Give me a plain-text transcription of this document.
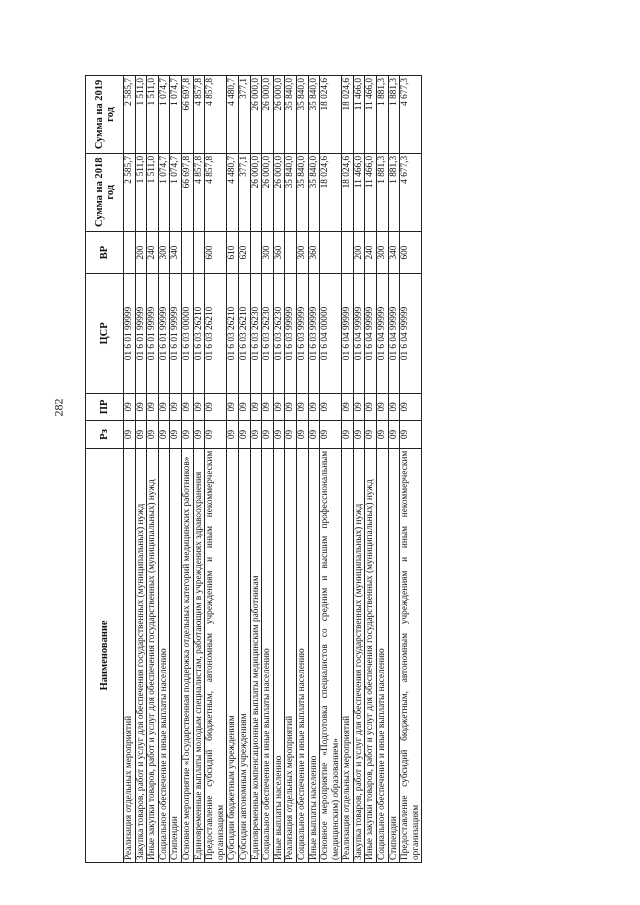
282
Наименование	Рз	ПР	ЦСР	ВР	Сумма на 2018 год	Сумма на 2019 год
Реализация отдельных мероприятий	09	09	01 6 01 99999		2 585,7	2 585,7
Закупка товаров, работ и услуг для обеспечения государственных (муниципальных) нужд	09	09	01 6 01 99999	200	1 511,0	1 511,0
Иные закупки товаров, работ и услуг для обеспечения государственных (муниципальных) нужд	09	09	01 6 01 99999	240	1 511,0	1 511,0
Социальное обеспечение и иные выплаты населению	09	09	01 6 01 99999	300	1 074,7	1 074,7
Стипендии	09	09	01 6 01 99999	340	1 074,7	1 074,7
Основное мероприятие «Государственная поддержка отдельных категорий медицинских работников»	09	09	01 6 03 00000		66 697,8	66 697,8
Единовременные выплаты молодым специалистам, работающим в учреждениях здравоохранения	09	09	01 6 03 26210		4 857,8	4 857,8
Предоставление субсидий бюджетным, автономным учреждениям и иным некоммерческим организациям	09	09	01 6 03 26210	600	4 857,8	4 857,8
Субсидии бюджетным учреждениям	09	09	01 6 03 26210	610	4 480,7	4 480,7
Субсидии автономным учреждениям	09	09	01 6 03 26210	620	377,1	377,1
Единовременные компенсационные выплаты медицинским работникам	09	09	01 6 03 26230		26 000,0	26 000,0
Социальное обеспечение и иные выплаты населению	09	09	01 6 03 26230	300	26 000,0	26 000,0
Иные выплаты населению	09	09	01 6 03 26230	360	26 000,0	26 000,0
Реализация отдельных мероприятий	09	09	01 6 03 99999		35 840,0	35 840,0
Социальное обеспечение и иные выплаты населению	09	09	01 6 03 99999	300	35 840,0	35 840,0
Иные выплаты населению	09	09	01 6 03 99999	360	35 840,0	35 840,0
Основное мероприятие «Подготовка специалистов со средним и высшим профессиональным (медицинским) образованием»	09	09	01 6 04 00000		18 024,6	18 024,6
Реализация отдельных мероприятий	09	09	01 6 04 99999		18 024,6	18 024,6
Закупка товаров, работ и услуг для обеспечения государственных (муниципальных) нужд	09	09	01 6 04 99999	200	11 466,0	11 466,0
Иные закупки товаров, работ и услуг для обеспечения государственных (муниципальных) нужд	09	09	01 6 04 99999	240	11 466,0	11 466,0
Социальное обеспечение и иные выплаты населению	09	09	01 6 04 99999	300	1 881,3	1 881,3
Стипендии	09	09	01 6 04 99999	340	1 881,3	1 881,3
Предоставление субсидий бюджетным, автономным учреждениям и иным некоммерческим организациям	09	09	01 6 04 99999	600	4 677,3	4 677,3
